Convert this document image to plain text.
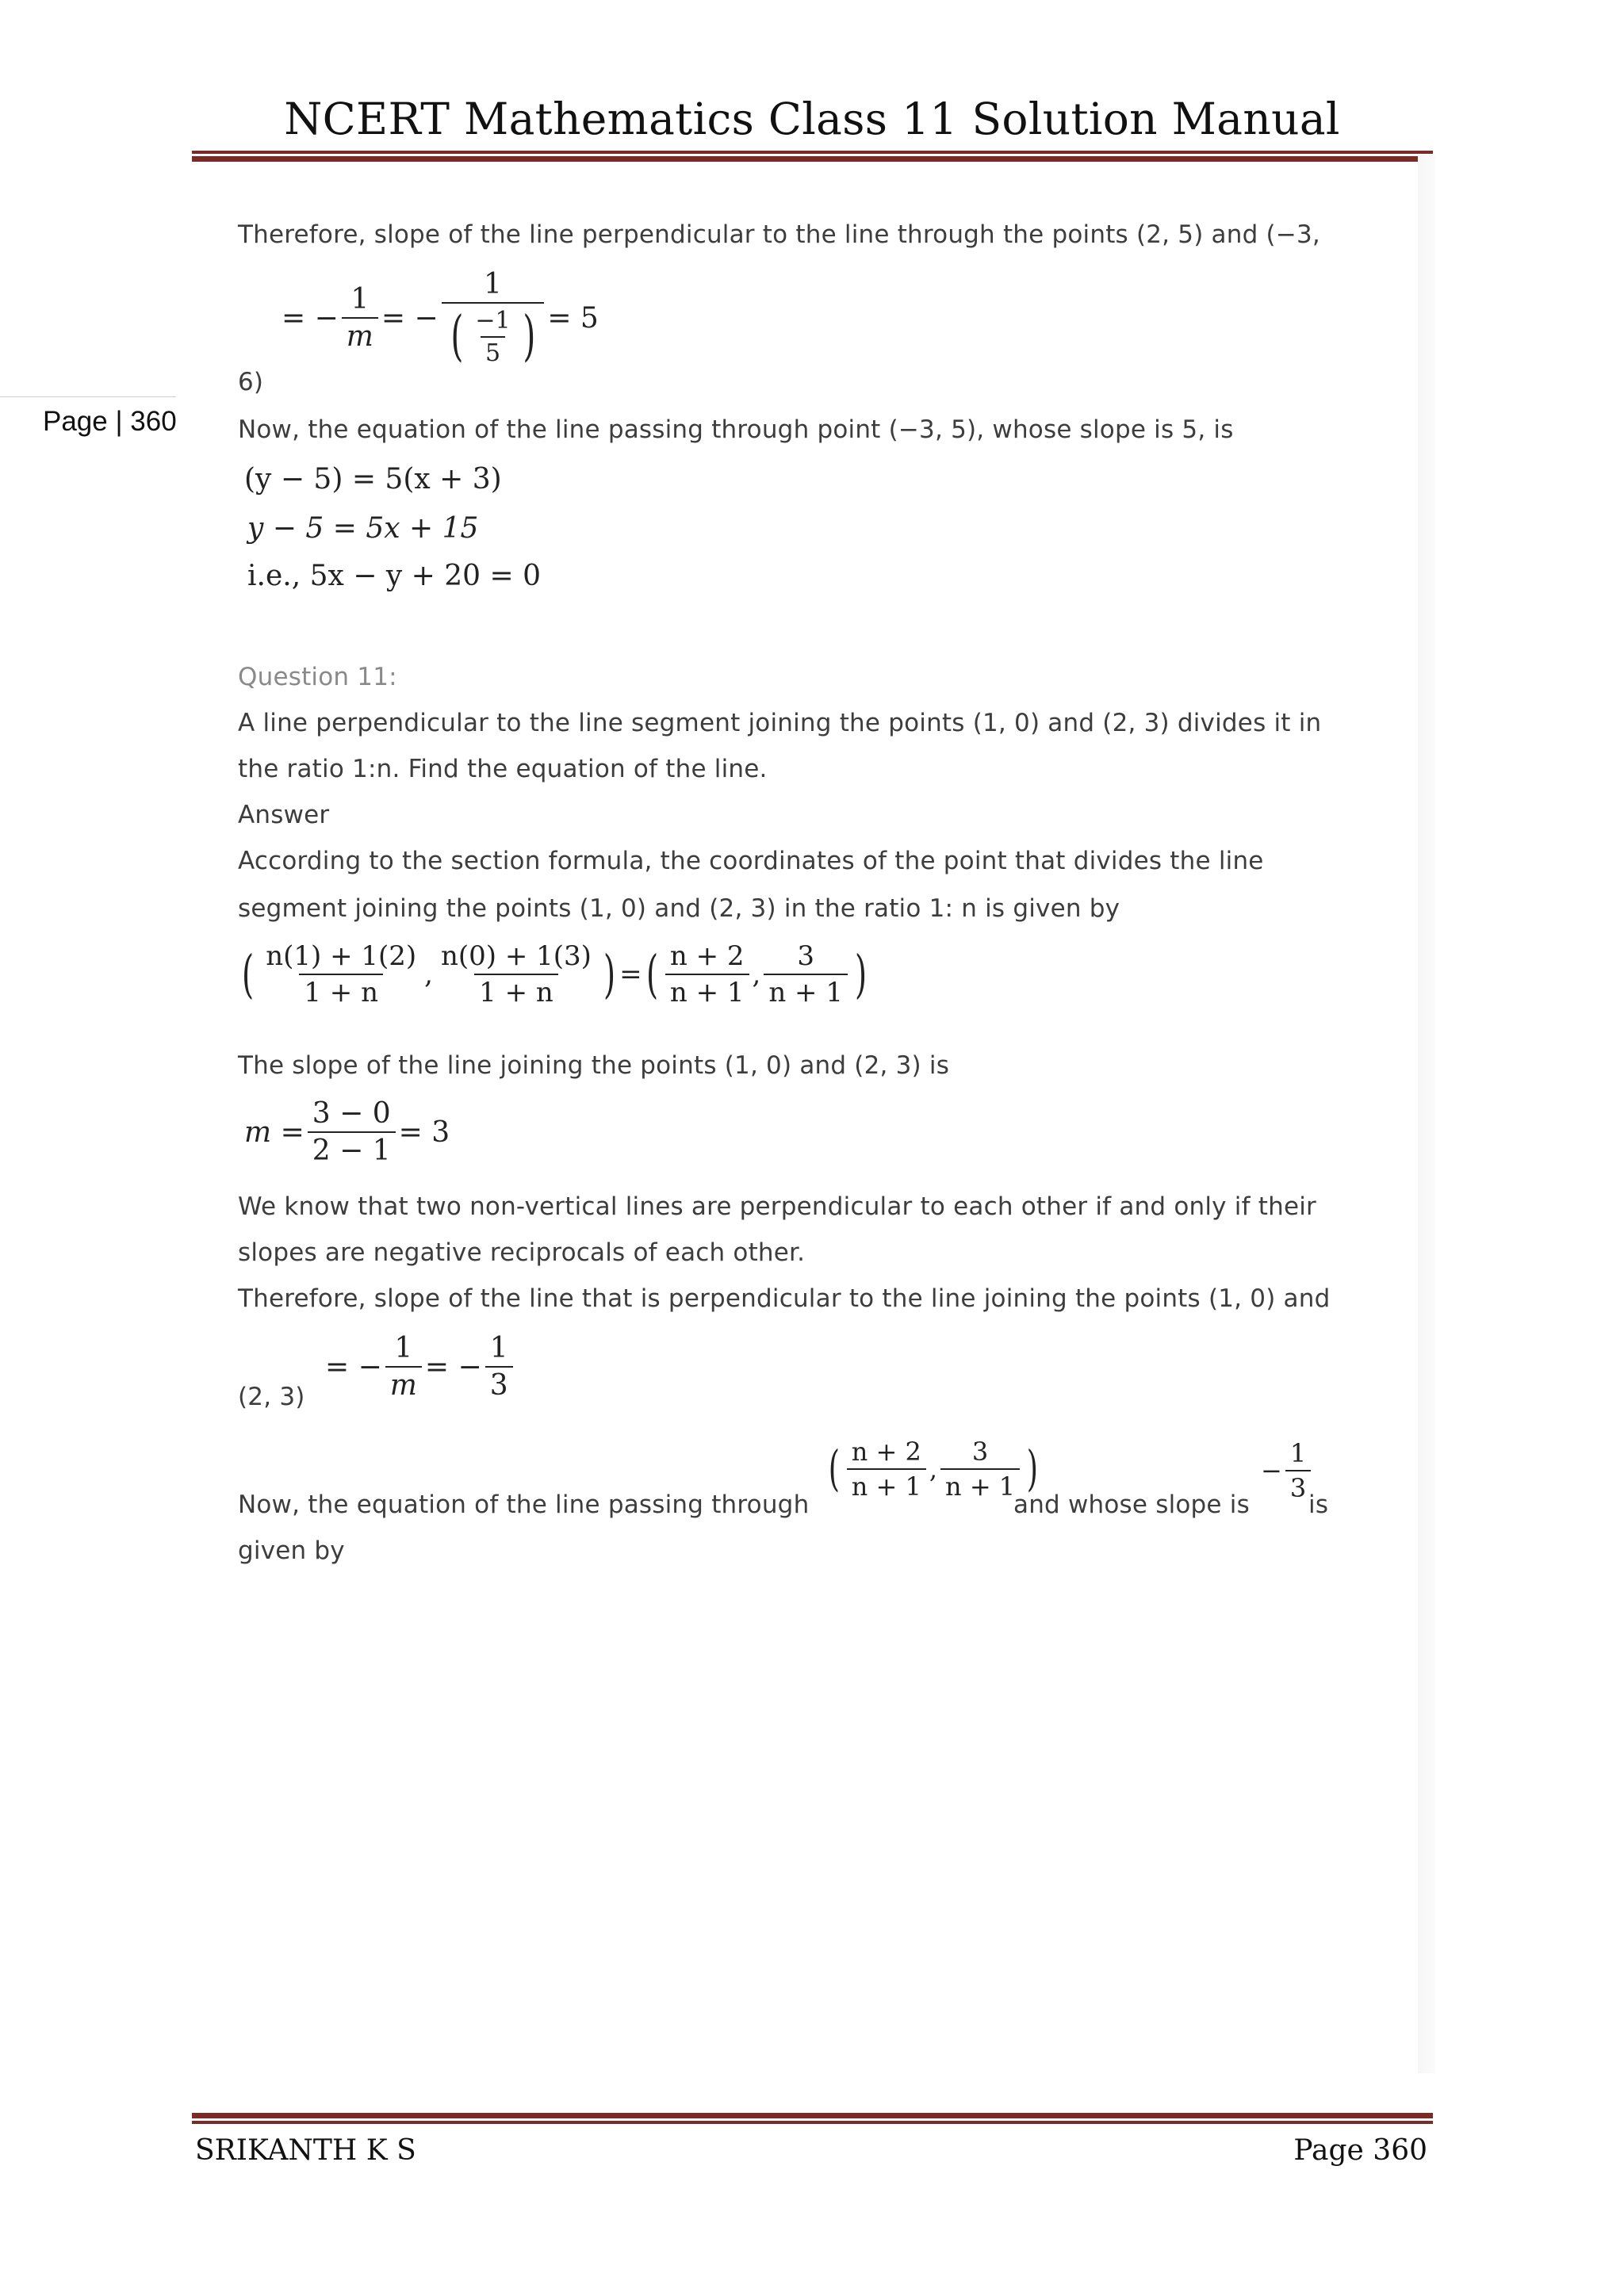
NCERT Mathematics Class 11 Solution Manual
Page | 360
Therefore, slope of the line perpendicular to the line through the points (2, 5) and (−3,
= − $\frac{1}{m}$ = − $\frac{1}{( \frac{-1}{5} )} = 5$
6)
Now, the equation of the line passing through point (−3, 5), whose slope is 5, is
(y − 5) = 5(x + 3)
y − 5 = 5x + 15
i.e., 5x − y + 20 = 0
Question 11:
A line perpendicular to the line segment joining the points (1, 0) and (2, 3) divides it in
the ratio 1:n. Find the equation of the line.
Answer
According to the section formula, the coordinates of the point that divides the line
segment joining the points (1, 0) and (2, 3) in the ratio 1: n is given by
( $\frac{n(1) + 1(2)}{1 + n}$ , $\frac{n(0) + 1(3)}{1 + n}$ ) = ( $\frac{n + 2}{n + 1}$ , $\frac{3}{n + 1}$ )
The slope of the line joining the points (1, 0) and (2, 3) is
$m = \frac{3 - 0}{2 - 1} = 3$
We know that two non-vertical lines are perpendicular to each other if and only if their
slopes are negative reciprocals of each other.
Therefore, slope of the line that is perpendicular to the line joining the points (1, 0) and
(2, 3)
= − $\frac{1}{m}$ = − $\frac{1}{3}$
Now, the equation of the line passing through
( $\frac{n + 2}{n + 1}$ , $\frac{3}{n + 1}$ )
and whose slope is
− $\frac{1}{3}$
is
given by
SRIKANTH K S	Page 360
